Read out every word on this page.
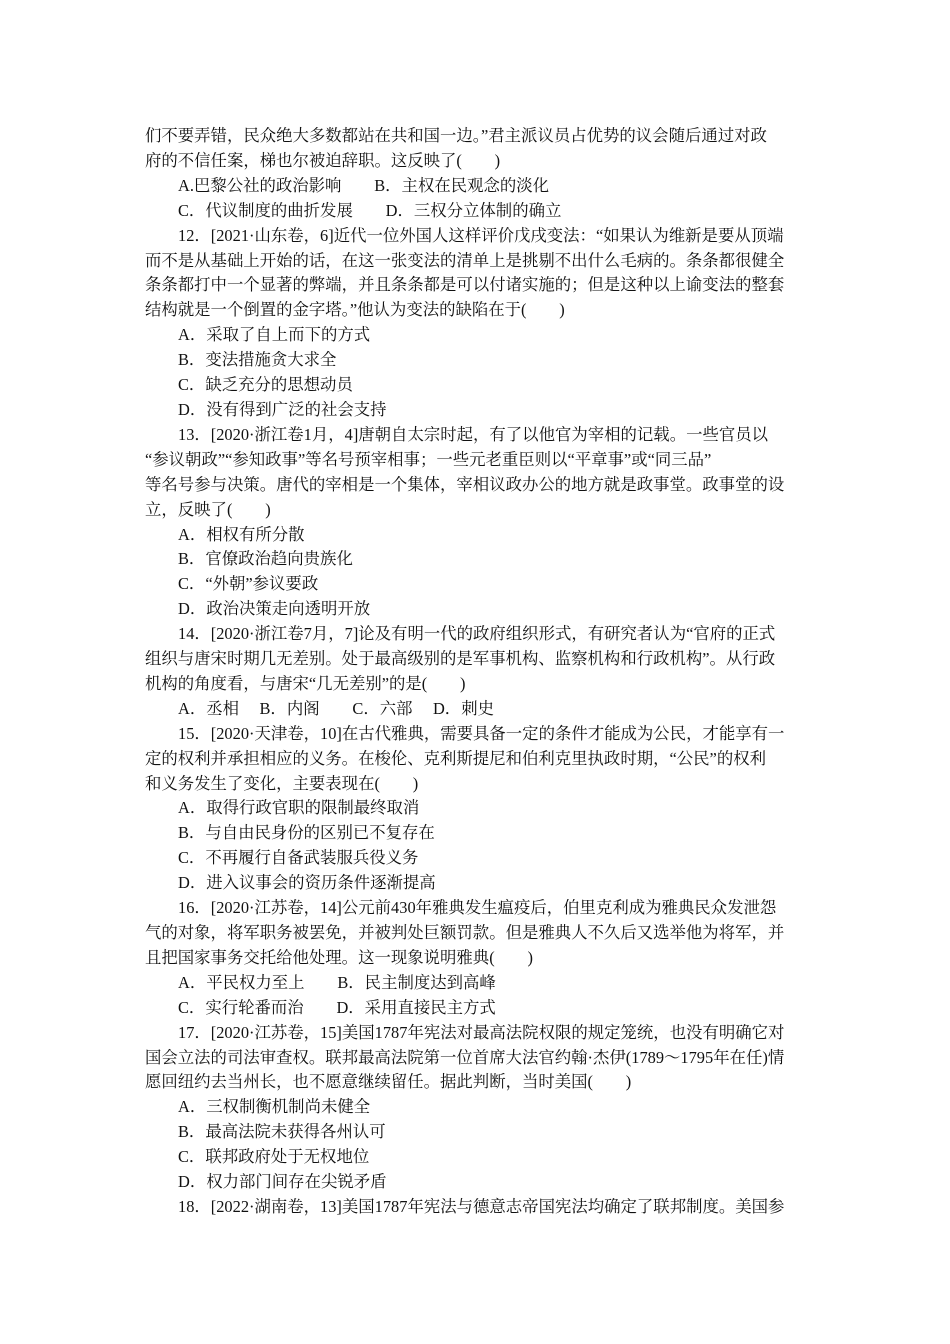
们不要弄错，民众绝大多数都站在共和国一边。”君主派议员占优势的议会随后通过对政
府的不信任案，梯也尔被迫辞职。这反映了(　　)
A.巴黎公社的政治影响　　B．主权在民观念的淡化
C．代议制度的曲折发展　　D．三权分立体制的确立
12．[2021·山东卷，6]近代一位外国人这样评价戊戌变法：“如果认为维新是要从顶端
而不是从基础上开始的话，在这一张变法的清单上是挑剔不出什么毛病的。条条都很健全
条条都打中一个显著的弊端，并且条条都是可以付诸实施的；但是这种以上谕变法的整套
结构就是一个倒置的金字塔。”他认为变法的缺陷在于(　　)
A．采取了自上而下的方式
B．变法措施贪大求全
C．缺乏充分的思想动员
D．没有得到广泛的社会支持
13．[2020·浙江卷1月，4]唐朝自太宗时起，有了以他官为宰相的记载。一些官员以
“参议朝政”“参知政事”等名号预宰相事；一些元老重臣则以“平章事”或“同三品”
等名号参与决策。唐代的宰相是一个集体，宰相议政办公的地方就是政事堂。政事堂的设
立，反映了(　　)
A．相权有所分散
B．官僚政治趋向贵族化
C．“外朝”参议要政
D．政治决策走向透明开放
14．[2020·浙江卷7月，7]论及有明一代的政府组织形式，有研究者认为“官府的正式
组织与唐宋时期几无差别。处于最高级别的是军事机构、监察机构和行政机构”。从行政
机构的角度看，与唐宋“几无差别”的是(　　)
A．丞相　 B．内阁　　C．六部　 D．刺史
15．[2020·天津卷，10]在古代雅典，需要具备一定的条件才能成为公民，才能享有一
定的权利并承担相应的义务。在梭伦、克利斯提尼和伯利克里执政时期，“公民”的权利
和义务发生了变化，主要表现在(　　)
A．取得行政官职的限制最终取消
B．与自由民身份的区别已不复存在
C．不再履行自备武装服兵役义务
D．进入议事会的资历条件逐渐提高
16．[2020·江苏卷，14]公元前430年雅典发生瘟疫后，伯里克利成为雅典民众发泄怨
气的对象，将军职务被罢免，并被判处巨额罚款。但是雅典人不久后又选举他为将军，并
且把国家事务交托给他处理。这一现象说明雅典(　　)
A．平民权力至上　　B．民主制度达到高峰
C．实行轮番而治　　D．采用直接民主方式
17．[2020·江苏卷，15]美国1787年宪法对最高法院权限的规定笼统，也没有明确它对
国会立法的司法审查权。联邦最高法院第一位首席大法官约翰·杰伊(1789～1795年在任)情
愿回纽约去当州长，也不愿意继续留任。据此判断，当时美国(　　)
A．三权制衡机制尚未健全
B．最高法院未获得各州认可
C．联邦政府处于无权地位
D．权力部门间存在尖锐矛盾
18．[2022·湖南卷，13]美国1787年宪法与德意志帝国宪法均确定了联邦制度。美国参
